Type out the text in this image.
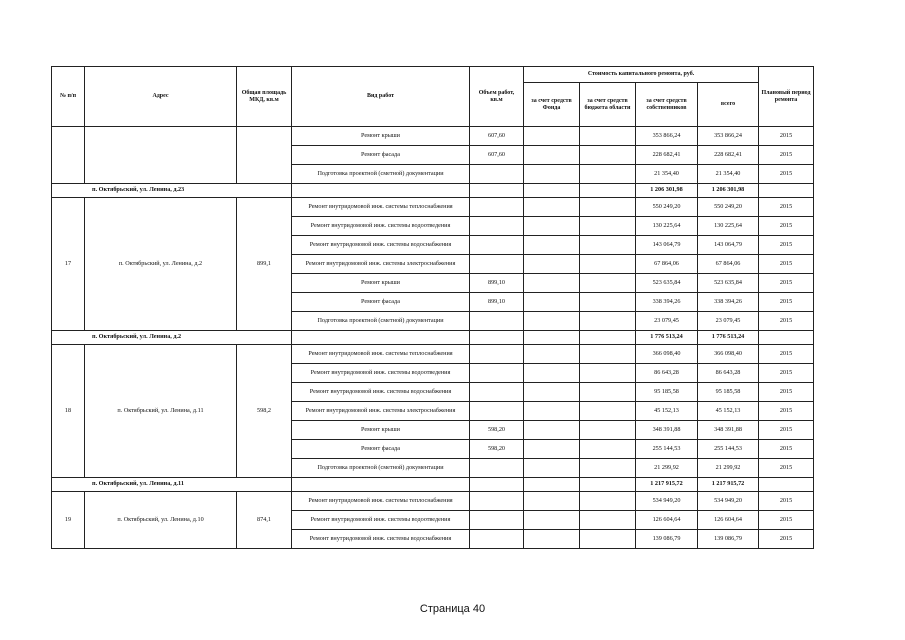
№ п/п	Адрес	Общая площадь МКД, кв.м	Вид работ	Объем работ, кв.м	Стоимость капитального ремонта, руб.				Плановый период ремонта
					за счет средств Фонда	за счет средств бюджета области	за счет средств собственников	всего	
			Ремонт крыши	607,60			353 866,24	353 866,24	2015
			Ремонт фасада	607,60			228 682,41	228 682,41	2015
			Подготовка проектной (сметной) документации				21 354,40	21 354,40	2015
п. Октябрьский, ул. Ленина, д.23							1 206 301,98	1 206 301,98	
17	п. Октябрьский, ул. Ленина, д.2	899,1	Ремонт внутридомовой инж. системы теплоснабжения				550 249,20	550 249,20	2015
			Ремонт внутридомовой инж. системы водоотведения				130 225,64	130 225,64	2015
			Ремонт внутридомовой инж. системы водоснабжения				143 064,79	143 064,79	2015
			Ремонт внутридомовой инж. системы электроснабжения				67 864,06	67 864,06	2015
			Ремонт крыши	899,10			523 635,84	523 635,84	2015
			Ремонт фасада	899,10			338 394,26	338 394,26	2015
			Подготовка проектной (сметной) документации				23 079,45	23 079,45	2015
п. Октябрьский, ул. Ленина, д.2							1 776 513,24	1 776 513,24	
18	п. Октябрьский, ул. Ленина, д.11	598,2	Ремонт внутридомовой инж. системы теплоснабжения				366 098,40	366 098,40	2015
			Ремонт внутридомовой инж. системы водоотведения				86 643,28	86 643,28	2015
			Ремонт внутридомовой инж. системы водоснабжения				95 185,58	95 185,58	2015
			Ремонт внутридомовой инж. системы электроснабжения				45 152,13	45 152,13	2015
			Ремонт крыши	598,20			348 391,88	348 391,88	2015
			Ремонт фасада	598,20			255 144,53	255 144,53	2015
			Подготовка проектной (сметной) документации				21 299,92	21 299,92	2015
п. Октябрьский, ул. Ленина, д.11							1 217 915,72	1 217 915,72	
19	п. Октябрьский, ул. Ленина, д.10	874,1	Ремонт внутридомовой инж. системы теплоснабжения				534 949,20	534 949,20	2015
			Ремонт внутридомовой инж. системы водоотведения				126 604,64	126 604,64	2015
			Ремонт внутридомовой инж. системы водоснабжения				139 086,79	139 086,79	2015
Страница 40
